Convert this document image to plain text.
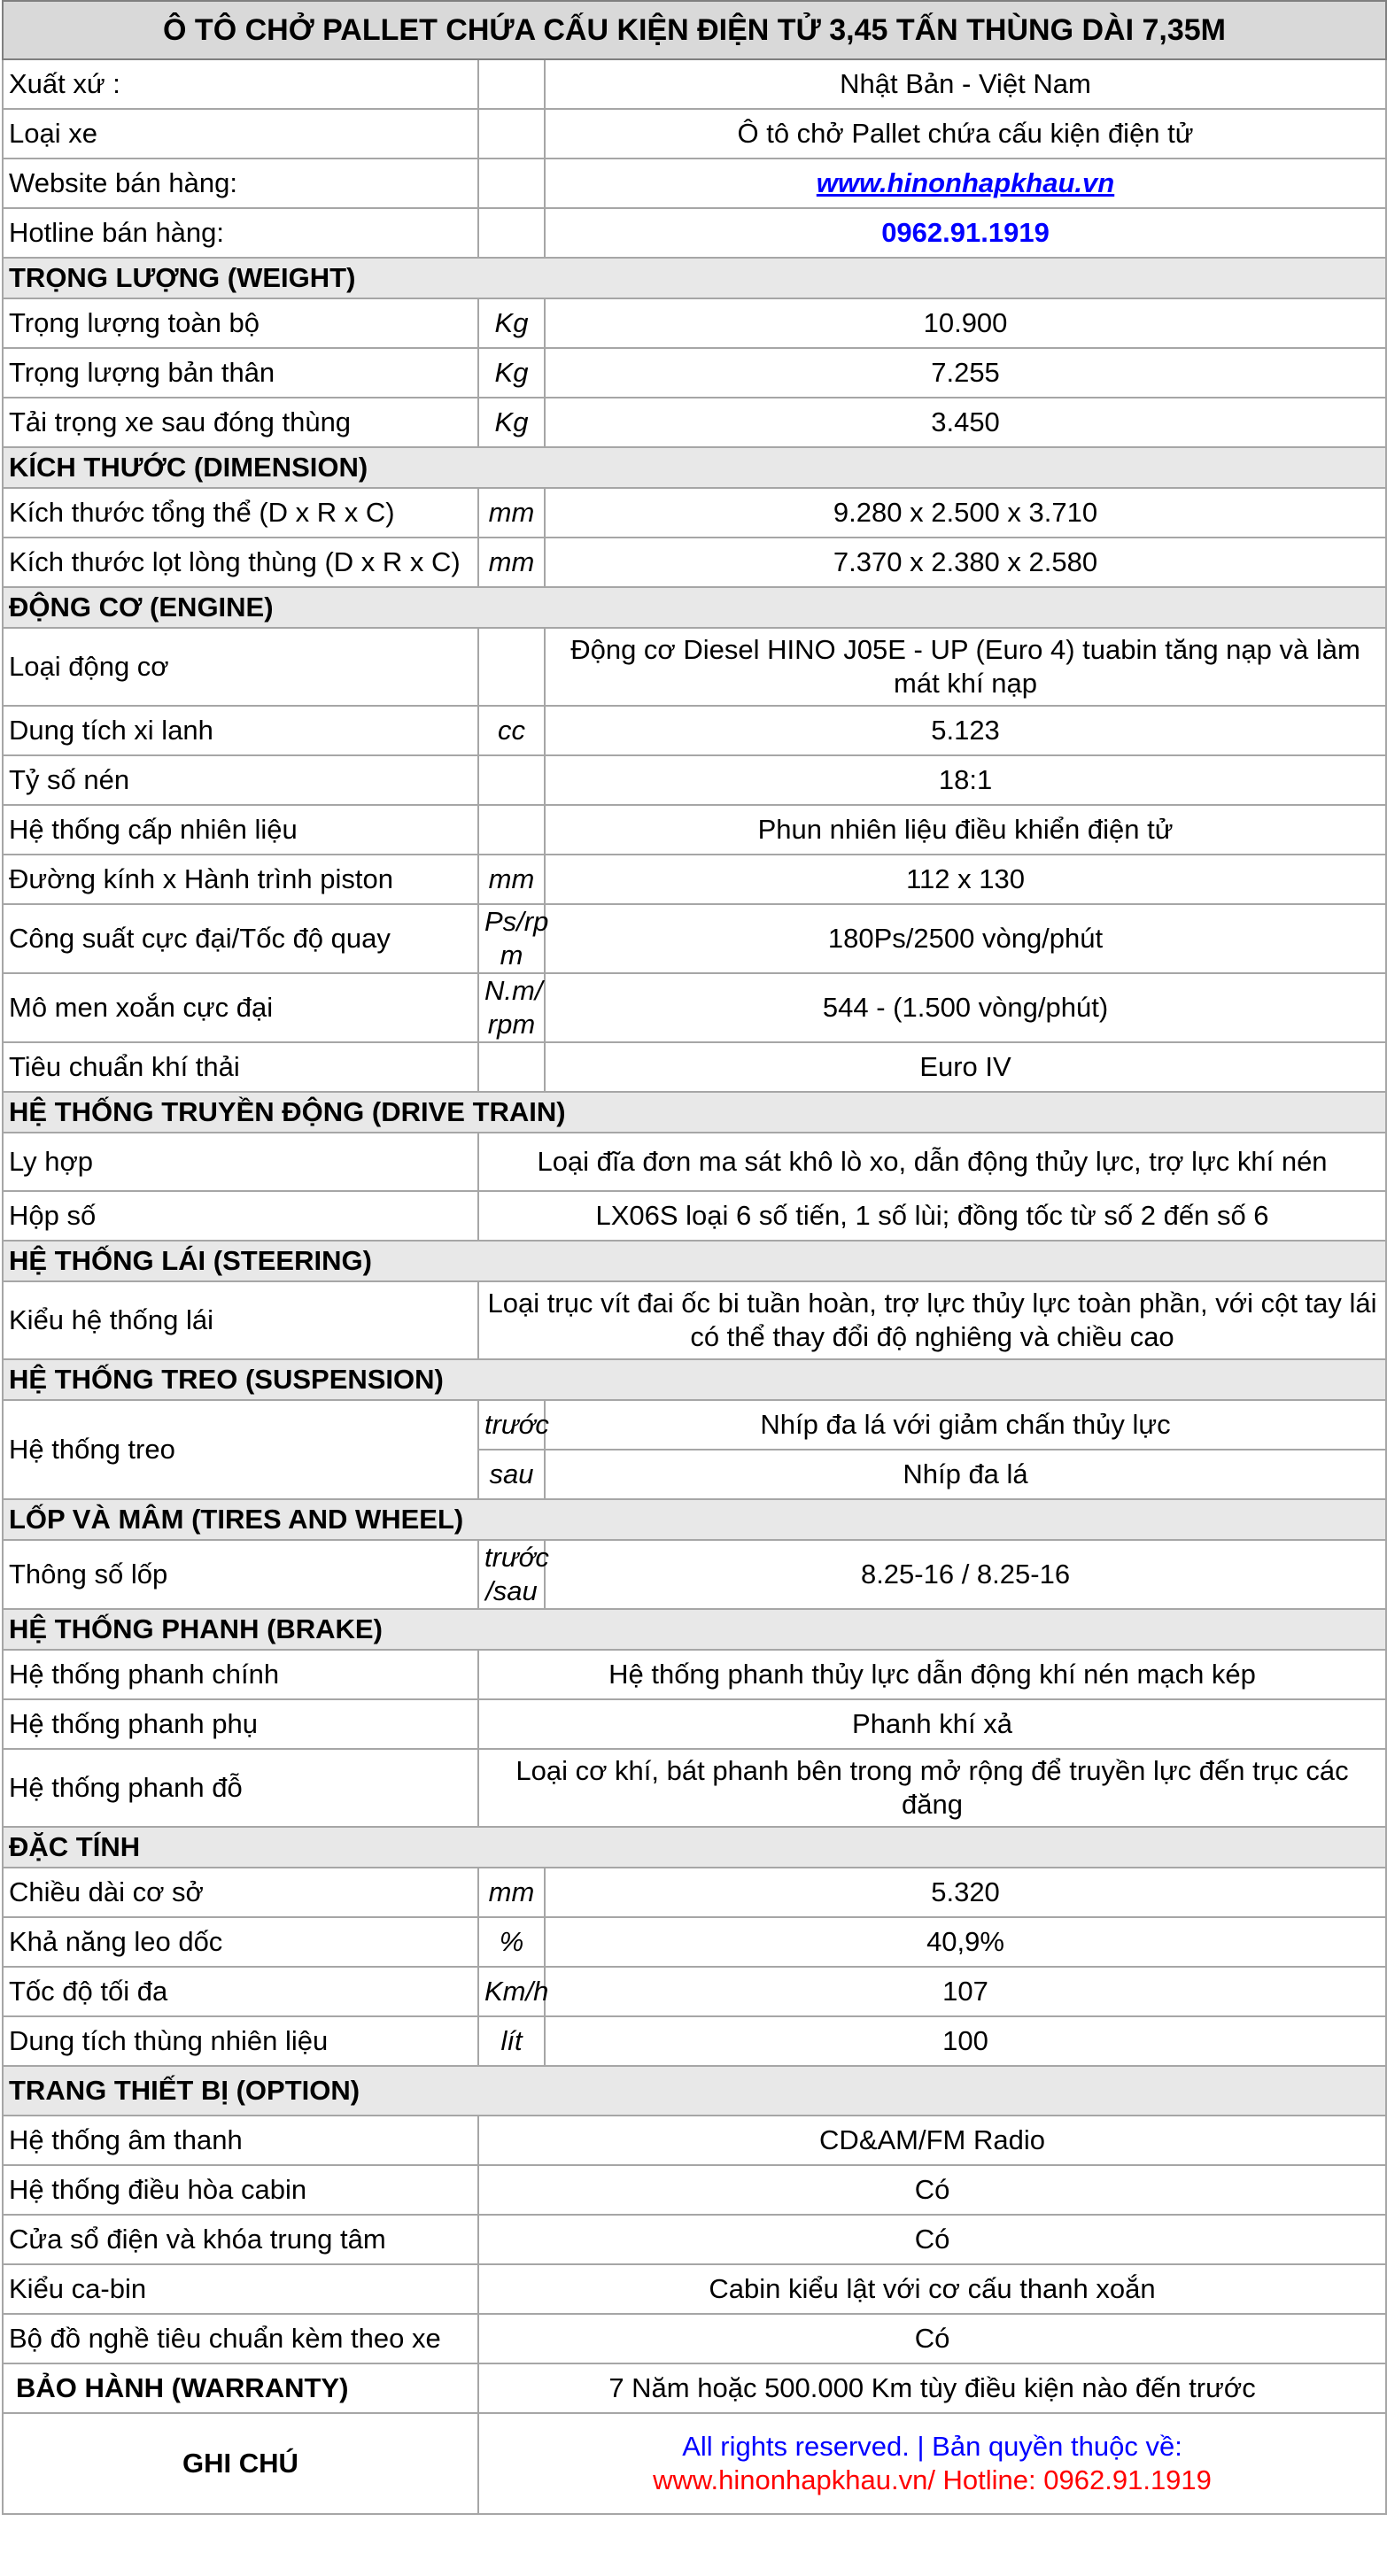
Ô TÔ CHỞ PALLET CHỨA CẤU KIỆN ĐIỆN TỬ 3,45 TẤN THÙNG DÀI 7,35M		
Xuất xứ :		Nhật Bản - Việt Nam
Loại xe		Ô tô chở Pallet chứa cấu kiện điện tử
Website bán hàng:		www.hinonhapkhau.vn
Hotline bán hàng:		0962.91.1919
TRỌNG LƯỢNG (WEIGHT)		
Trọng lượng toàn bộ	Kg	10.900
Trọng lượng bản thân	Kg	7.255
Tải trọng xe sau đóng thùng	Kg	3.450
KÍCH THƯỚC (DIMENSION)		
Kích thước tổng thể (D x R x C)	mm	9.280 x 2.500 x 3.710
Kích thước lọt lòng thùng (D x R x C)	mm	7.370 x 2.380 x 2.580
ĐỘNG CƠ (ENGINE)		
Loại động cơ		Động cơ Diesel HINO J05E - UP (Euro 4) tuabin tăng nạp và làm mát khí nạp
Dung tích xi lanh	cc	5.123
Tỷ số nén		18:1
Hệ thống cấp nhiên liệu		Phun nhiên liệu điều khiển điện tử
Đường kính x Hành trình piston	mm	112 x 130
Công suất cực đại/Tốc độ quay	Ps/rp m	180Ps/2500 vòng/phút
Mô men xoắn cực đại	N.m/ rpm	544 - (1.500 vòng/phút)
Tiêu chuẩn khí thải		Euro IV
HỆ THỐNG TRUYỀN ĐỘNG (DRIVE TRAIN)		
Ly hợp	Loại đĩa đơn ma sát khô lò xo, dẫn động thủy lực, trợ lực khí nén	
Hộp số	LX06S loại 6 số tiến, 1 số lùi; đồng tốc từ số 2 đến số 6	
HỆ THỐNG LÁI (STEERING)		
Kiểu hệ thống lái	Loại trục vít đai ốc bi tuần hoàn, trợ lực thủy lực toàn phần, với cột tay lái có thể thay đổi độ nghiêng và chiều cao	
HỆ THỐNG TREO (SUSPENSION)		
Hệ thống treo	trước	Nhíp đa lá với giảm chấn thủy lực
	sau	Nhíp đa lá
LỐP VÀ MÂM (TIRES AND WHEEL)		
Thông số lốp	trước /sau	8.25-16 / 8.25-16
HỆ THỐNG PHANH (BRAKE)		
Hệ thống phanh chính	Hệ thống phanh thủy lực dẫn động khí nén mạch kép	
Hệ thống phanh phụ	Phanh khí xả	
Hệ thống phanh đỗ	Loại cơ khí, bát phanh bên trong mở rộng để truyền lực đến trục các đăng	
ĐẶC TÍNH		
Chiều dài cơ sở	mm	5.320
Khả năng leo dốc	%	40,9%
Tốc độ tối đa	Km/h	107
Dung tích thùng nhiên liệu	lít	100
TRANG THIẾT BỊ (OPTION)		
Hệ thống âm thanh	CD&AM/FM Radio	
Hệ thống điều hòa cabin	Có	
Cửa sổ điện và khóa trung tâm	Có	
Kiểu ca-bin	Cabin kiểu lật với cơ cấu thanh xoắn	
Bộ đồ nghề tiêu chuẩn kèm theo xe	Có	
BẢO HÀNH (WARRANTY)	7 Năm hoặc 500.000 Km tùy điều kiện nào đến trước	
GHI CHÚ	All rights reserved. | Bản quyền thuộc về:
www.hinonhapkhau.vn/ Hotline: 0962.91.1919	
